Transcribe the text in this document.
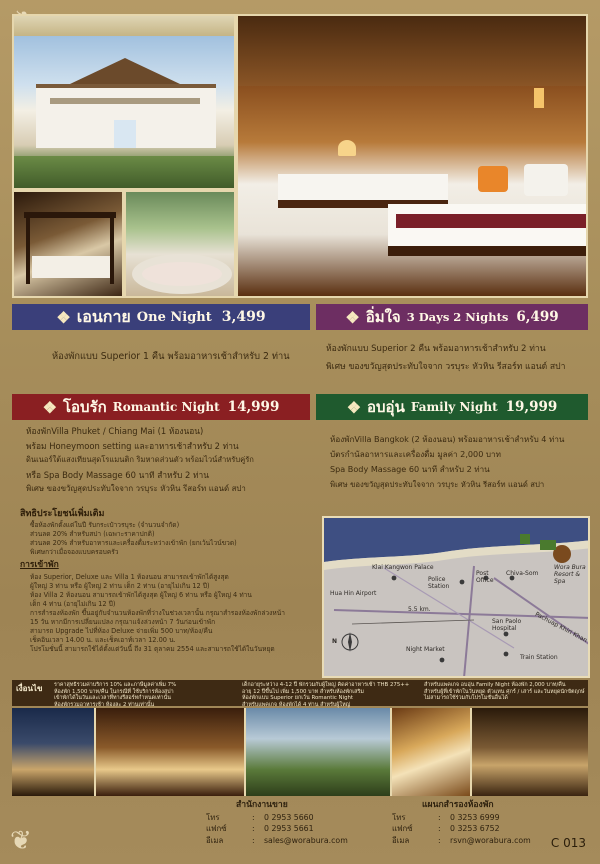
❦
❖ เอนกาย One Night 3,499
ห้องพักแบบ Superior 1 คืน พร้อมอาหารเช้าสำหรับ 2 ท่าน
❖ อิ่มใจ 3 Days 2 Nights 6,499
ห้องพักแบบ Superior 2 คืน พร้อมอาหารเช้าสำหรับ 2 ท่าน
พิเศษ ของขวัญสุดประทับใจจาก วรบุระ หัวหิน รีสอร์ท แอนด์ สปา
❖ โอบรัก Romantic Night 14,999
ห้องพักVilla Phuket / Chiang Mai (1 ห้องนอน)
พร้อม Honeymoon setting และอาหารเช้าสำหรับ 2 ท่าน
ดินเนอร์ใต้แสงเทียนสุดโรแมนติก ริมหาดส่วนตัว พร้อมไวน์สำหรับคู่รัก
หรือ Spa Body Massage 60 นาที สำหรับ 2 ท่าน
พิเศษ ของขวัญสุดประทับใจจาก วรบุระ หัวหิน รีสอร์ท แอนด์ สปา
❖ อบอุ่น Family Night 19,999
ห้องพักVilla Bangkok (2 ห้องนอน) พร้อมอาหารเช้าสำหรับ 4 ท่าน
บัตรกำนัลอาหารและเครื่องดื่ม มูลค่า 2,000 บาท
Spa Body Massage 60 นาที สำหรับ 2 ท่าน
พิเศษ ของขวัญสุดประทับใจจาก วรบุระ หัวหิน รีสอร์ท แอนด์ สปา
สิทธิประโยชน์เพิ่มเติม
ซื้อห้องพักตั้งแต่ในปี รับกระเป๋าวรบุระ (จำนวนจำกัด)
ส่วนลด 20% สำหรับสปา (เฉพาะราคาปกติ)
ส่วนลด 20% สำหรับอาหารและเครื่องดื่มระหว่างเข้าพัก (ยกเว้นไวน์ขวด)
พิเศษกว่าเมื่อจองแบบครอบครัว
การเข้าพัก
ห้อง Superior, Deluxe และ Villa 1 ห้องนอน สามารถเข้าพักได้สูงสุด
ผู้ใหญ่ 3 ท่าน หรือ ผู้ใหญ่ 2 ท่าน เด็ก 2 ท่าน (อายุไม่เกิน 12 ปี)
ห้อง Villa 2 ห้องนอน สามารถเข้าพักได้สูงสุด ผู้ใหญ่ 6 ท่าน หรือ ผู้ใหญ่ 4 ท่าน
เด็ก 4 ท่าน (อายุไม่เกิน 12 ปี)
การสำรองห้องพัก ขึ้นอยู่กับจำนวนห้องพักที่ว่างในช่วงเวลานั้น กรุณาสำรองห้องพักล่วงหน้า
15 วัน หากมีการเปลี่ยนแปลง กรุณาแจ้งล่วงหน้า 7 วันก่อนเข้าพัก
สามารถ Upgrade ไปที่ห้อง Deluxe จ่ายเพิ่ม 500 บาท/ห้อง/คืน
เช็คอินเวลา 14.00 น. และเช็คเอาท์เวลา 12.00 น.
โปรโมชั่นนี้ สามารถใช้ได้ตั้งแต่วันนี้ ถึง 31 ตุลาคม 2554 และสามารถใช้ได้ในวันหยุด
Klai Kangwon Palace
Police Station
Post Office
Chiva-Som
Wora Bura Resort & Spa
Hua Hin Airport
5.5 km.
San Paolo Hospital
Night Market
Train Station
Pachuap Khiri Khan
N
เงื่อนไข ราคาสุทธิรวมค่าบริการ 10% และภาษีมูลค่าเพิ่ม 7%
ห้องพัก 1,500 บาท/คืน ในกรณีที่ ใช้บริการห้องสปา
เข้าพักได้ในวันและเวลาที่ทางรีสอร์ทกำหนดเท่านั้น
ห้องพักรวมอาหารเช้า ห้องละ 2 ท่านเท่านั้น
เด็กอายุระหว่าง 4-12 ปี พักรวมกับผู้ใหญ่ คิดค่าอาหารเช้า THB 275++
อายุ 12 ปีขึ้นไป เพิ่ม 1,500 บาท สำหรับห้องพักเสริม
ห้องพักแบบ Superior ยกเว้น Romantic Night
สำหรับแพคเกจ ห้องพักได้ 4 ท่าน สำหรับผู้ใหญ่
สำหรับแพคเกจ อบอุ่น Family Night ห้องพัก 2,000 บาท/คืน
สำหรับผู้ที่เข้าพักในวันหยุด ตัวแทน ศุกร์ / เสาร์ และวันหยุดนักขัตฤกษ์
ไม่สามารถใช้ร่วมกับโปรโมชั่นอื่นได้
สำนักงานขาย
โทร	:	0 2953 5660
แฟกซ์	:	0 2953 5661
อีเมล	:	sales@worabura.com
แผนกสำรองห้องพัก
โทร	:	0 3253 6999
แฟกซ์	:	0 3253 6752
อีเมล	:	rsvn@worabura.com C 013
